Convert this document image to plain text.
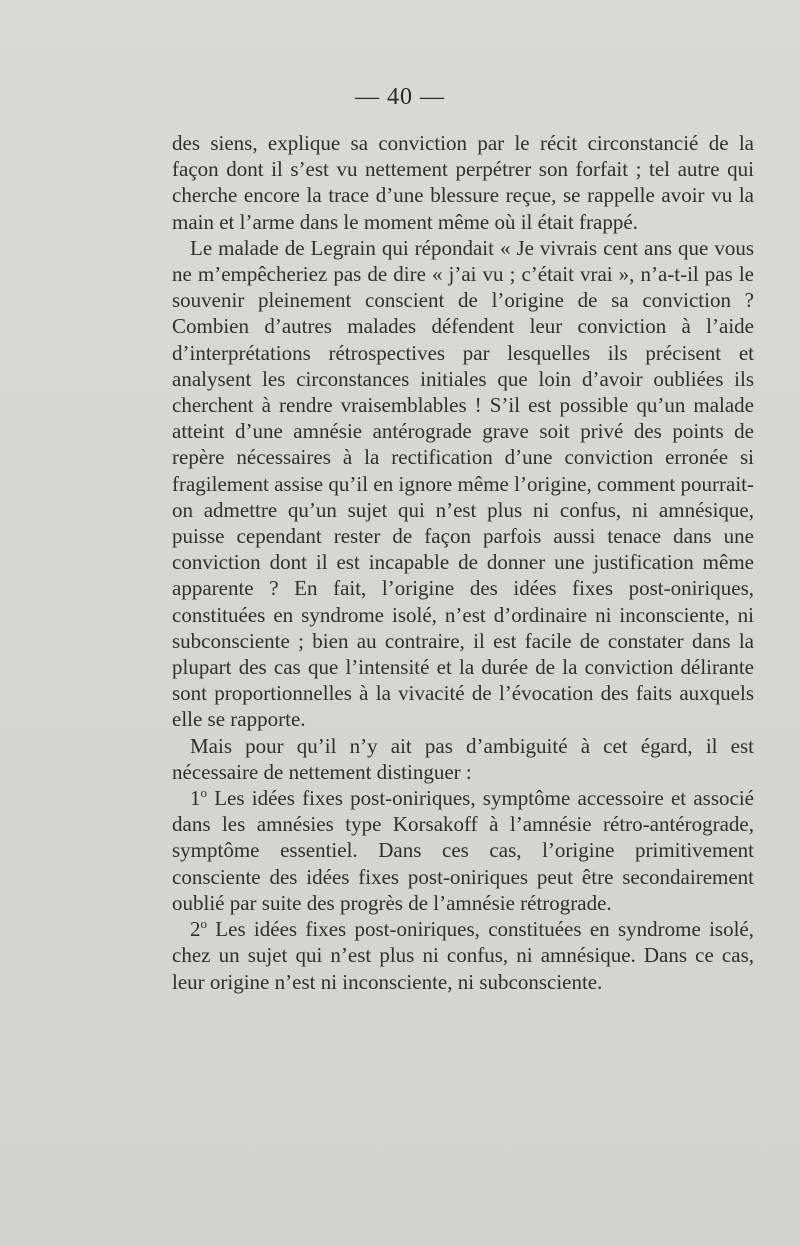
— 40 —

des siens, explique sa conviction par le récit circonstancié de la façon dont il s’est vu nettement perpétrer son forfait ; tel autre qui cherche encore la trace d’une blessure reçue, se rappelle avoir vu la main et l’arme dans le moment même où il était frappé.

Le malade de Legrain qui répondait « Je vivrais cent ans que vous ne m’empêcheriez pas de dire « j’ai vu ; c’était vrai », n’a-t-il pas le souvenir pleinement conscient de l’origine de sa conviction ? Combien d’autres malades défendent leur conviction à l’aide d’interprétations rétrospectives par lesquelles ils précisent et analysent les circonstances initiales que loin d’avoir oubliées ils cherchent à rendre vraisemblables ! S’il est possible qu’un malade atteint d’une amnésie antérograde grave soit privé des points de repère nécessaires à la rectification d’une conviction erronée si fragilement assise qu’il en ignore même l’origine, comment pourrait-on admettre qu’un sujet qui n’est plus ni confus, ni amnésique, puisse cependant rester de façon parfois aussi tenace dans une conviction dont il est incapable de donner une justification même apparente ? En fait, l’origine des idées fixes post-oniriques, constituées en syndrome isolé, n’est d’ordinaire ni inconsciente, ni subconsciente ; bien au contraire, il est facile de constater dans la plupart des cas que l’intensité et la durée de la conviction délirante sont proportionnelles à la vivacité de l’évocation des faits auxquels elle se rapporte.

Mais pour qu’il n’y ait pas d’ambiguité à cet égard, il est nécessaire de nettement distinguer :

1$^o$ Les idées fixes post-oniriques, symptôme accessoire et associé dans les amnésies type Korsakoff à l’amnésie rétro-antérograde, symptôme essentiel. Dans ces cas, l’origine primitivement consciente des idées fixes post-oniriques peut être secondairement oublié par suite des progrès de l’amnésie rétrograde.

2$^o$ Les idées fixes post-oniriques, constituées en syndrome isolé, chez un sujet qui n’est plus ni confus, ni amnésique. Dans ce cas, leur origine n’est ni inconsciente, ni subconsciente.
